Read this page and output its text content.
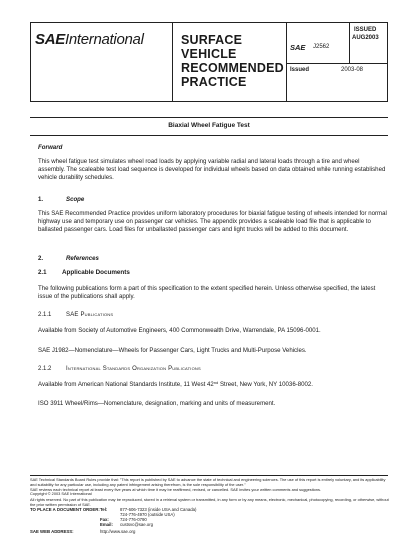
SAEInternational	SURFACE
VEHICLE
RECOMMENDED
PRACTICE
SAE J2562
ISSUED
AUG2003
Issued	2003-08
Biaxial Wheel Fatigue Test
Forward
This wheel fatigue test simulates wheel road loads by applying variable radial and lateral loads through a tire and wheel assembly. The scaleable test load sequence is developed for individual wheels based on data obtained while running established vehicle durability schedules.
1.	Scope
This SAE Recommended Practice provides uniform laboratory procedures for biaxial fatigue testing of wheels intended for normal highway use and temporary use on passenger car vehicles. The appendix provides a scaleable load file that is applicable to ballasted passenger cars. Load files for unballasted passenger cars and light trucks will be added to this document.
2.	References
2.1 Applicable Documents
The following publications form a part of this specification to the extent specified herein. Unless otherwise specified, the latest issue of the publications shall apply.
2.1.1 SAE Publications
Available from Society of Automotive Engineers, 400 Commonwealth Drive, Warrendale, PA 15096-0001.
SAE J1982—Nomenclature—Wheels for Passenger Cars, Light Trucks and Multi-Purpose Vehicles.
2.1.2 International Standards Organization Publications
Available from American National Standards Institute, 11 West 42nd Street, New York, NY 10036-8002.
ISO 3911 Wheel/Rims—Nomenclature, designation, marking and units of measurement.
SAE Technical Standards Board Rules provide that: "This report is published by SAE to advance the state of technical and engineering sciences. The use of this report is entirely voluntary, and its applicability and suitability for any particular use, including any patent infringement arising therefrom, is the sole responsibility of the user."
SAE reviews each technical report at least every five years at which time it may be reaffirmed, revised, or cancelled. SAE invites your written comments and suggestions.
Copyright © 2003 SAE International
All rights reserved. No part of this publication may be reproduced, stored in a retrieval system or transmitted, in any form or by any means, electronic, mechanical, photocopying, recording, or otherwise, without the prior written permission of SAE.
TO PLACE A DOCUMENT ORDER: Tel:	877-606-7323 (inside USA and Canada)
724-776-4970 (outside USA)
Fax:	724-776-0790
Email: custsvc@sae.org
SAE WEB ADDRESS:	http://www.sae.org
